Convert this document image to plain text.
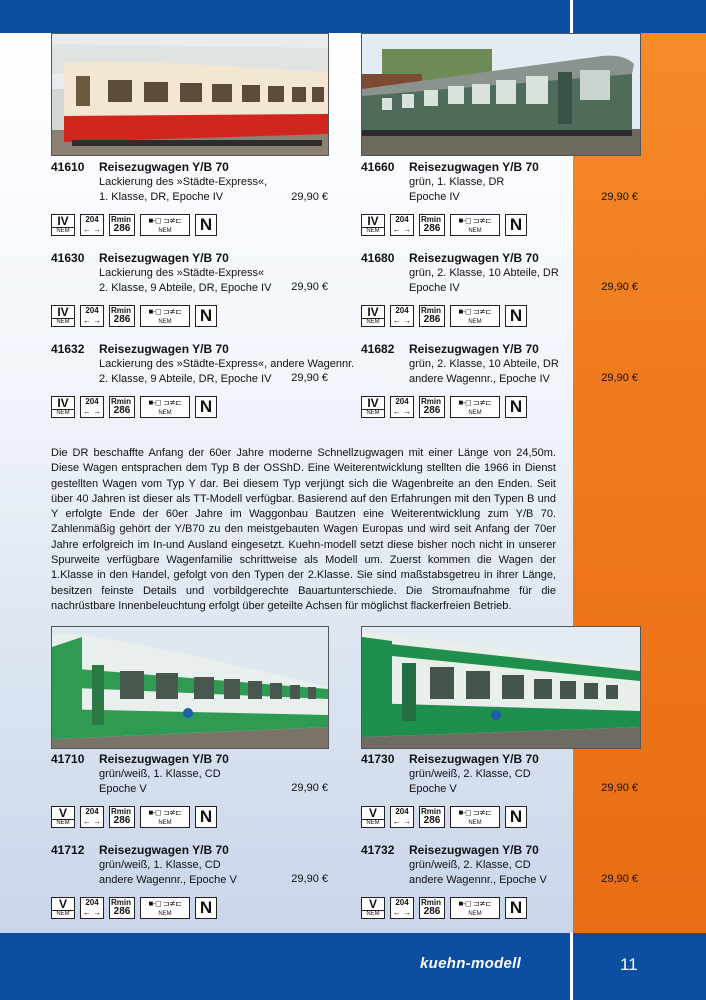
41610 Reisezugwagen Y/B 70
Lackierung des »Städte-Express«,
1. Klasse, DR, Epoche IV	29,90 €
IV
NEM
204
← →
Rmin
286
■-◻ ⊐≭⊏
NEM	N
41630 Reisezugwagen Y/B 70
Lackierung des »Städte-Express«
2. Klasse, 9 Abteile, DR, Epoche IV	29,90 €
IV
NEM
204
← →
Rmin
286
■-◻ ⊐≭⊏
NEM	N
41632 Reisezugwagen Y/B 70
Lackierung des »Städte-Express«, andere Wagennr.
2. Klasse, 9 Abteile, DR, Epoche IV	29,90 €
IV
NEM
204
← →
Rmin
286
■-◻ ⊐≭⊏
NEM	N
41660 Reisezugwagen Y/B 70
grün, 1. Klasse, DR
Epoche IV	29,90 €
IV
NEM
204
← →
Rmin
286
■-◻ ⊐≭⊏
NEM	N
41680 Reisezugwagen Y/B 70
grün, 2. Klasse, 10 Abteile, DR
Epoche IV	29,90 €
IV
NEM
204
← →
Rmin
286
■-◻ ⊐≭⊏
NEM	N
41682 Reisezugwagen Y/B 70
grün, 2. Klasse, 10 Abteile, DR
andere Wagennr., Epoche IV	29,90 €
IV
NEM
204
← →
Rmin
286
■-◻ ⊐≭⊏
NEM	N
Die DR beschaffte Anfang der 60er Jahre moderne Schnellzugwagen mit einer Länge von 24,50m. Diese Wagen entsprachen dem Typ B der OSShD. Eine Weiterentwicklung stellten die 1966 in Dienst gestellten Wagen vom Typ Y dar. Bei diesem Typ verjüngt sich die Wagenbreite an den Enden. Seit über 40 Jahren ist dieser als TT-Modell verfügbar. Basierend auf den Erfahrungen mit den Typen B und Y erfolgte Ende der 60er Jahre im Waggonbau Bautzen eine Weiterentwicklung zum Y/B 70. Zahlenmäßig gehört der Y/B70 zu den meistgebauten Wagen Europas und wird seit Anfang der 70er Jahre erfolgreich im In-und Ausland eingesetzt. Kuehn-modell setzt diese bisher noch nicht in unserer Spurweite verfügbare Wagenfamilie schrittweise als Modell um. Zuerst kommen die Wagen der 1.Klasse in den Handel, gefolgt von den Typen der 2.Klasse. Sie sind maßstabsgetreu in ihrer Länge, besitzen feinste Details und vorbildgerechte Bauartunterschiede. Die Stromaufnahme für die nachrüstbare Innenbeleuchtung erfolgt über geteilte Achsen für möglichst flackerfreien Betrieb.
41710 Reisezugwagen Y/B 70
grün/weiß, 1. Klasse, CD
Epoche V	29,90 €
V
NEM
204
← →
Rmin
286
■-◻ ⊐≭⊏
NEM	N
41712 Reisezugwagen Y/B 70
grün/weiß, 1. Klasse, CD
andere Wagennr., Epoche V	29,90 €
V
NEM
204
← →
Rmin
286
■-◻ ⊐≭⊏
NEM	N
41730 Reisezugwagen Y/B 70
grün/weiß, 2. Klasse, CD
Epoche V	29,90 €
V
NEM
204
← →
Rmin
286
■-◻ ⊐≭⊏
NEM	N
41732 Reisezugwagen Y/B 70
grün/weiß, 2. Klasse, CD
andere Wagennr., Epoche V	29,90 €
V
NEM
204
← →
Rmin
286
■-◻ ⊐≭⊏
NEM	N
kuehn-modell	11
